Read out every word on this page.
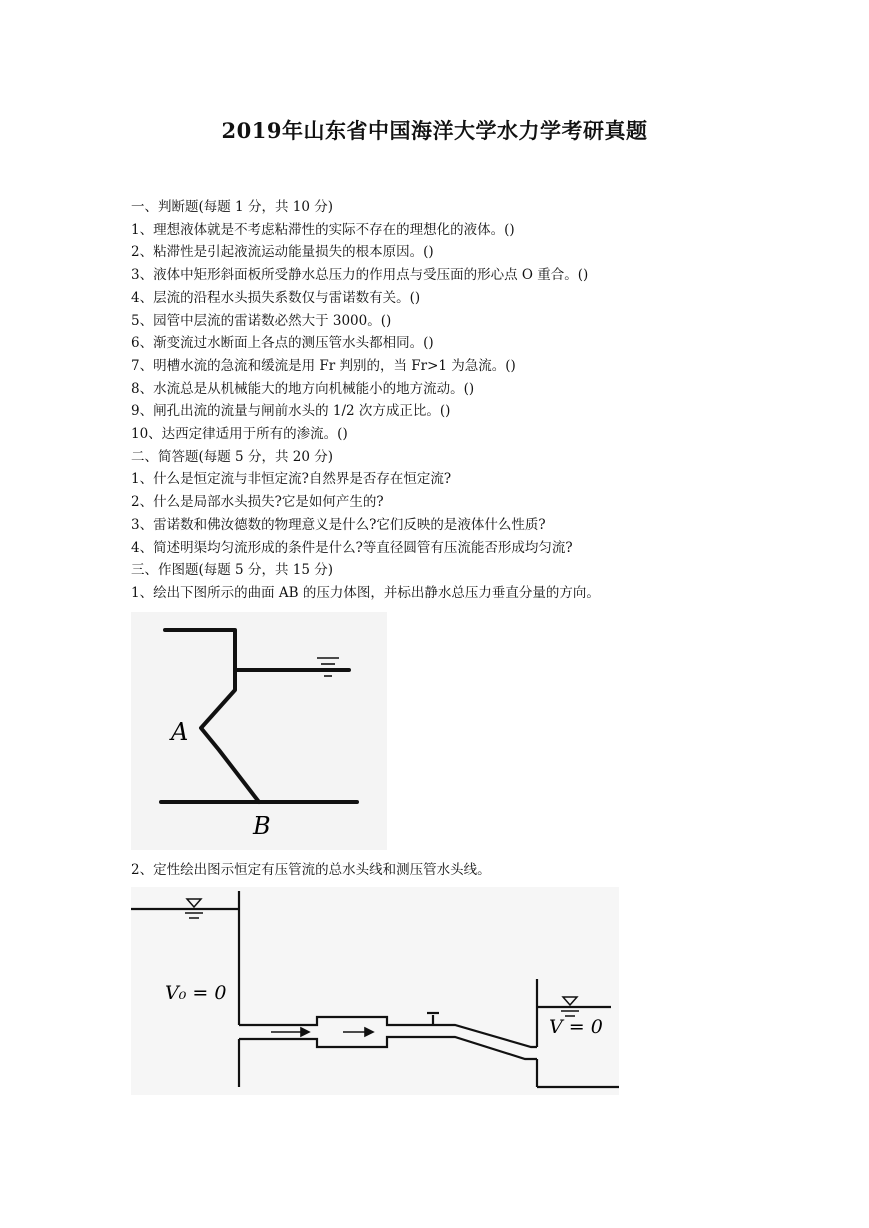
2019年山东省中国海洋大学水力学考研真题
一、判断题(每题 1 分，共 10 分)
1、理想液体就是不考虑粘滞性的实际不存在的理想化的液体。()
2、粘滞性是引起液流运动能量损失的根本原因。()
3、液体中矩形斜面板所受静水总压力的作用点与受压面的形心点 O 重合。()
4、层流的沿程水头损失系数仅与雷诺数有关。()
5、园管中层流的雷诺数必然大于 3000。()
6、渐变流过水断面上各点的测压管水头都相同。()
7、明槽水流的急流和缓流是用 Fr 判别的，当 Fr>1 为急流。()
8、水流总是从机械能大的地方向机械能小的地方流动。()
9、闸孔出流的流量与闸前水头的 1/2 次方成正比。()
10、达西定律适用于所有的渗流。()
二、简答题(每题 5 分，共 20 分)
1、什么是恒定流与非恒定流?自然界是否存在恒定流?
2、什么是局部水头损失?它是如何产生的?
3、雷诺数和佛汝德数的物理意义是什么?它们反映的是液体什么性质?
4、简述明渠均匀流形成的条件是什么?等直径圆管有压流能否形成均匀流?
三、作图题(每题 5 分，共 15 分)
1、绘出下图所示的曲面 AB 的压力体图，并标出静水总压力垂直分量的方向。
A
B
2、定性绘出图示恒定有压管流的总水头线和测压管水头线。
V₀ = 0
V = 0
